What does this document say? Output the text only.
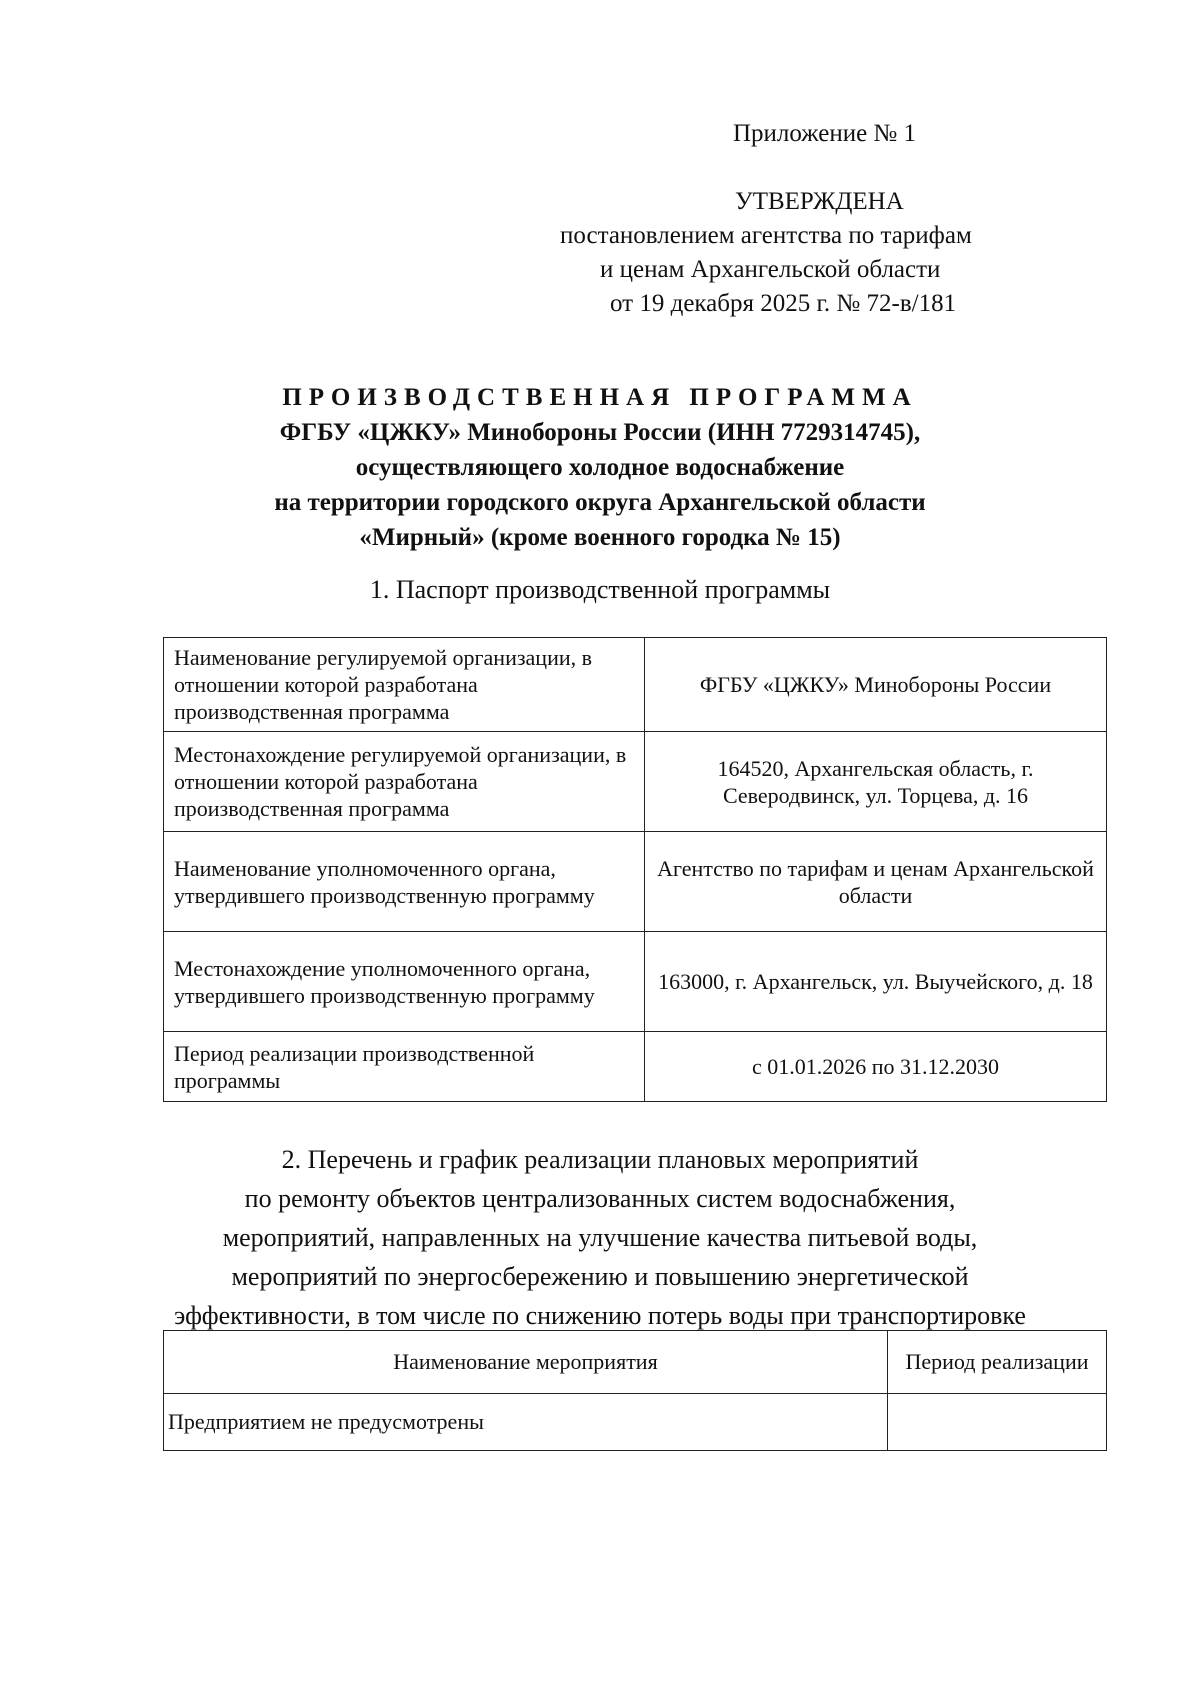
Приложение № 1
УТВЕРЖДЕНА
постановлением агентства по тарифам
и ценам Архангельской области
от 19 декабря 2025 г. № 72-в/181
ПРОИЗВОДСТВЕННАЯ ПРОГРАММА
ФГБУ «ЦЖКУ» Минобороны России (ИНН 7729314745),
осуществляющего холодное водоснабжение
на территории городского округа Архангельской области
«Мирный» (кроме военного городка № 15)
1. Паспорт производственной программы
Наименование регулируемой организации, в отношении которой разработана производственная программа	ФГБУ «ЦЖКУ» Минобороны России
Местонахождение регулируемой организации, в отношении которой разработана производственная программа	164520, Архангельская область, г. Северодвинск, ул. Торцева, д. 16
Наименование уполномоченного органа, утвердившего производственную программу	Агентство по тарифам и ценам Архангельской области
Местонахождение уполномоченного органа, утвердившего производственную программу	163000, г. Архангельск, ул. Выучейского, д. 18
Период реализации производственной программы	с 01.01.2026 по 31.12.2030
2. Перечень и график реализации плановых мероприятий
по ремонту объектов централизованных систем водоснабжения,
мероприятий, направленных на улучшение качества питьевой воды,
мероприятий по энергосбережению и повышению энергетической
эффективности, в том числе по снижению потерь воды при транспортировке
Наименование мероприятия	Период реализации
Предприятием не предусмотрены	
